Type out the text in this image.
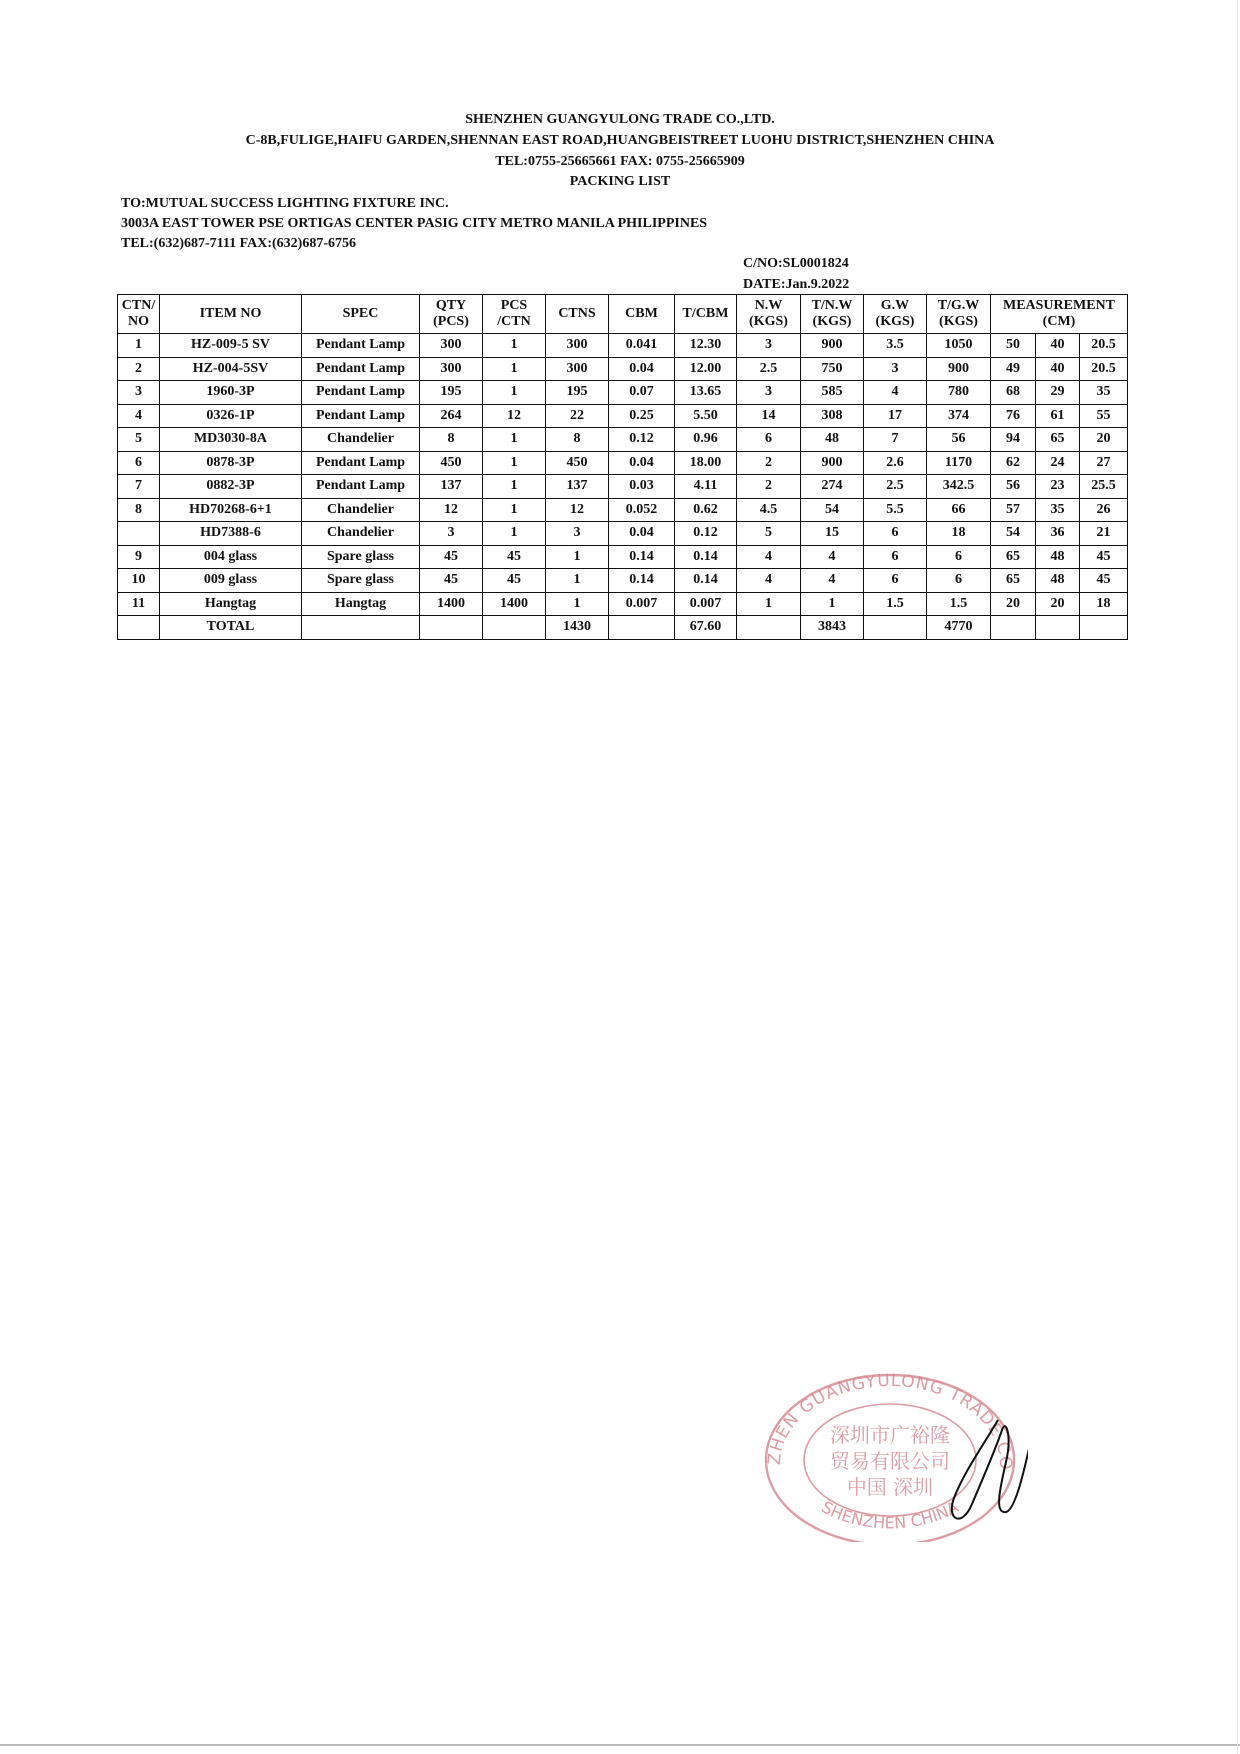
SHENZHEN GUANGYULONG TRADE CO.,LTD.
C-8B,FULIGE,HAIFU GARDEN,SHENNAN EAST ROAD,HUANGBEISTREET LUOHU DISTRICT,SHENZHEN CHINA
TEL:0755-25665661 FAX: 0755-25665909
PACKING LIST
TO:MUTUAL SUCCESS LIGHTING FIXTURE INC.
3003A EAST TOWER PSE ORTIGAS CENTER PASIG CITY METRO MANILA PHILIPPINES
TEL:(632)687-7111 FAX:(632)687-6756
C/NO:SL0001824
DATE:Jan.9.2022
CTN/ NO	ITEM NO	SPEC	QTY (PCS)	PCS /CTN	CTNS	CBM	T/CBM	N.W (KGS)	T/N.W (KGS)	G.W (KGS)	T/G.W (KGS)	MEASUREMENT
(CM)		

1	HZ-009-5 SV	Pendant Lamp	300	1	300	0.041	12.30	3	900	3.5	1050	50	40	20.5
2	HZ-004-5SV	Pendant Lamp	300	1	300	0.04	12.00	2.5	750	3	900	49	40	20.5
3	1960-3P	Pendant Lamp	195	1	195	0.07	13.65	3	585	4	780	68	29	35
4	0326-1P	Pendant Lamp	264	12	22	0.25	5.50	14	308	17	374	76	61	55
5	MD3030-8A	Chandelier	8	1	8	0.12	0.96	6	48	7	56	94	65	20
6	0878-3P	Pendant Lamp	450	1	450	0.04	18.00	2	900	2.6	1170	62	24	27
7	0882-3P	Pendant Lamp	137	1	137	0.03	4.11	2	274	2.5	342.5	56	23	25.5
8	HD70268-6+1	Chandelier	12	1	12	0.052	0.62	4.5	54	5.5	66	57	35	26
	HD7388-6	Chandelier	3	1	3	0.04	0.12	5	15	6	18	54	36	21
9	004 glass	Spare glass	45	45	1	0.14	0.14	4	4	6	6	65	48	45
10	009 glass	Spare glass	45	45	1	0.14	0.14	4	4	6	6	65	48	45
11	Hangtag	Hangtag	1400	1400	1	0.007	0.007	1	1	1.5	1.5	20	20	18
	TOTAL				1430		67.60		3843		4770			
ZHEN GUANGYULONG TRADE CO
SHENZHEN CHINA
深圳市广裕隆
贸易有限公司
中国 深圳
